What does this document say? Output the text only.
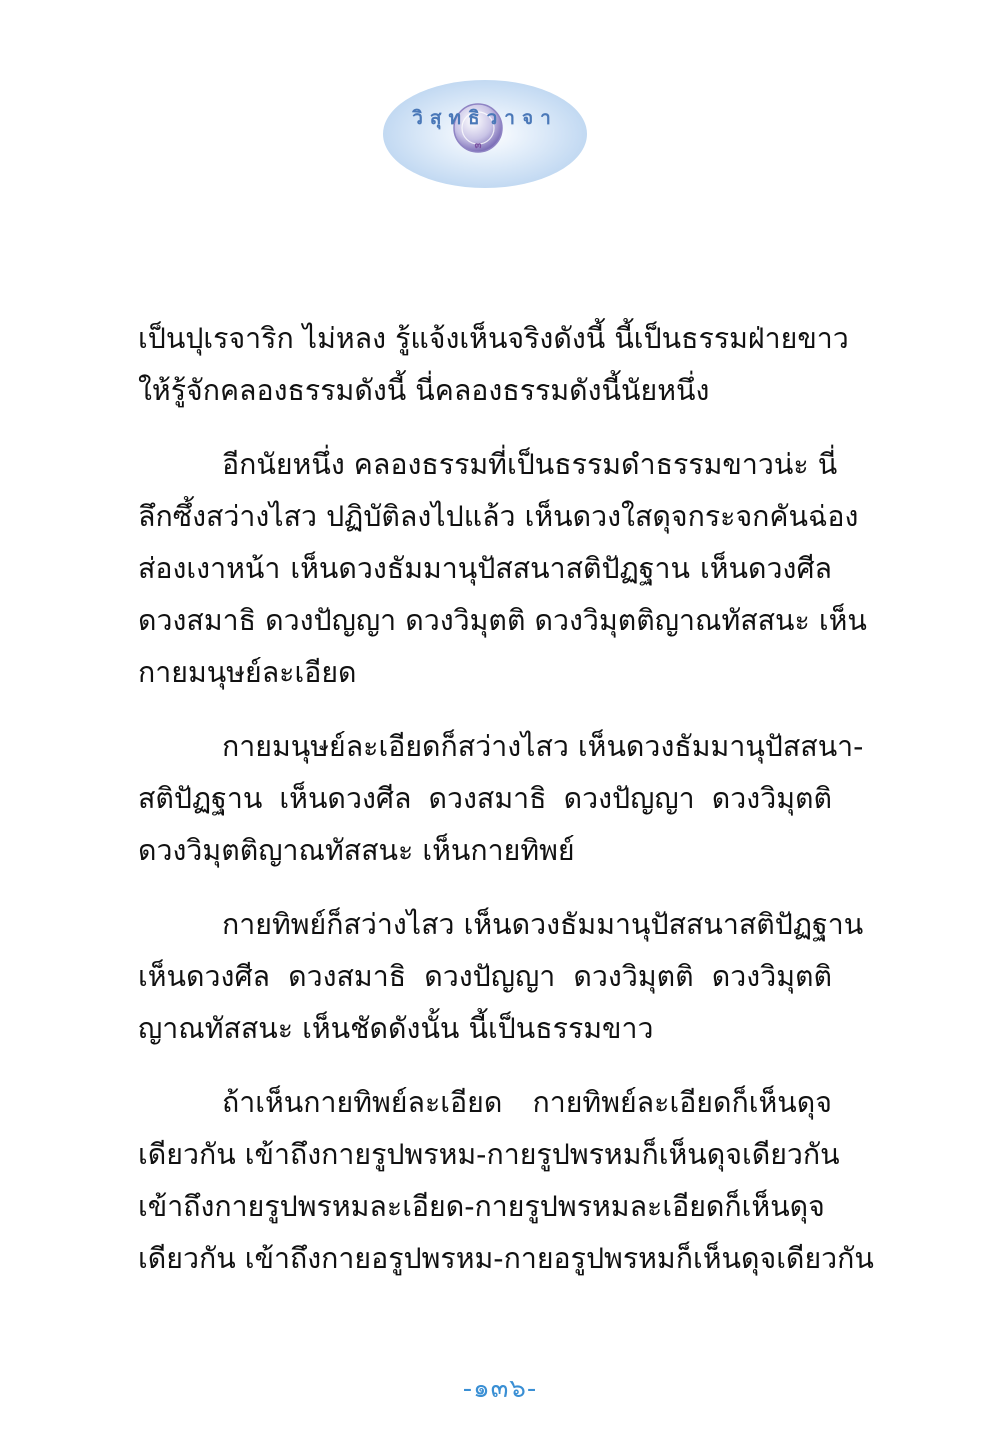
วิสุทธิวาจา
๓
เป็นปุเรจาริก ไม่หลง รู้แจ้งเห็นจริงดังนี้ นี้เป็นธรรมฝ่ายขาว
ให้รู้จักคลองธรรมดังนี้ นี่คลองธรรมดังนี้นัยหนึ่ง
อีกนัยหนึ่ง คลองธรรมที่เป็นธรรมดำธรรมขาวน่ะ นี่
ลึกซึ้งสว่างไสว ปฏิบัติลงไปแล้ว เห็นดวงใสดุจกระจกคันฉ่อง
ส่องเงาหน้า เห็นดวงธัมมานุปัสสนาสติปัฏฐาน เห็นดวงศีล
ดวงสมาธิ ดวงปัญญา ดวงวิมุตติ ดวงวิมุตติญาณทัสสนะ เห็น
กายมนุษย์ละเอียด
กายมนุษย์ละเอียดก็สว่างไสว เห็นดวงธัมมานุปัสสนา-
สติปัฏฐาน เห็นดวงศีล ดวงสมาธิ ดวงปัญญา ดวงวิมุตติ
ดวงวิมุตติญาณทัสสนะ เห็นกายทิพย์
กายทิพย์ก็สว่างไสว เห็นดวงธัมมานุปัสสนาสติปัฏฐาน
เห็นดวงศีล ดวงสมาธิ ดวงปัญญา ดวงวิมุตติ ดวงวิมุตติ
ญาณทัสสนะ เห็นชัดดังนั้น นี้เป็นธรรมขาว
ถ้าเห็นกายทิพย์ละเอียด กายทิพย์ละเอียดก็เห็นดุจ
เดียวกัน เข้าถึงกายรูปพรหม-กายรูปพรหมก็เห็นดุจเดียวกัน
เข้าถึงกายรูปพรหมละเอียด-กายรูปพรหมละเอียดก็เห็นดุจ
เดียวกัน เข้าถึงกายอรูปพรหม-กายอรูปพรหมก็เห็นดุจเดียวกัน
-๑๓๖-
